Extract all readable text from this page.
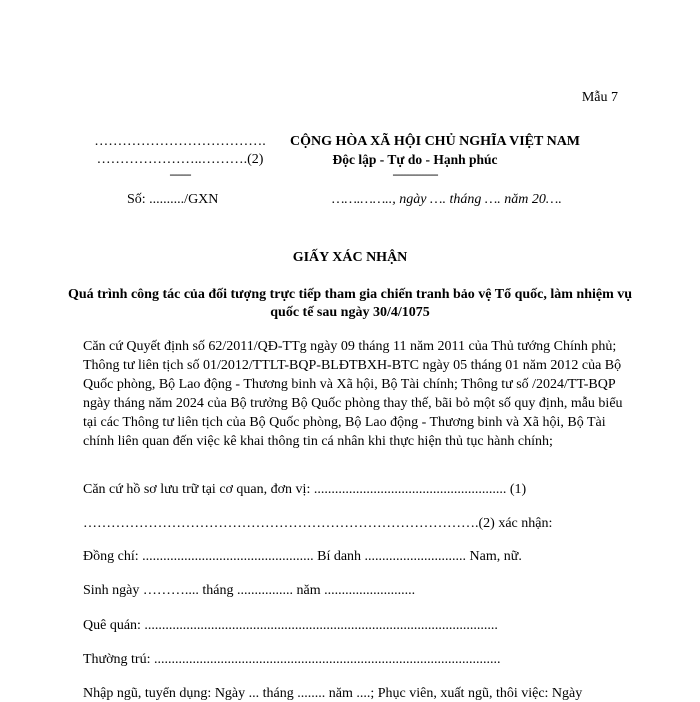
Mẫu 7
……………………………….
…………………..……….(2)
-------
CỘNG HÒA XÃ HỘI CHỦ NGHĨA VIỆT NAM
Độc lập - Tự do - Hạnh phúc
---------------
Số: ........../GXN	…….…….., ngày …. tháng …. năm 20….
GIẤY XÁC NHẬN
Quá trình công tác của đối tượng trực tiếp tham gia chiến tranh bảo vệ Tổ quốc, làm nhiệm vụ quốc tế sau ngày 30/4/1075
Căn cứ Quyết định số 62/2011/QĐ-TTg ngày 09 tháng 11 năm 2011 của Thủ tướng Chính phủ; Thông tư liên tịch số 01/2012/TTLT-BQP-BLĐTBXH-BTC ngày 05 tháng 01 năm 2012 của Bộ Quốc phòng, Bộ Lao động - Thương binh và Xã hội, Bộ Tài chính; Thông tư số /2024/TT-BQP ngày tháng năm 2024 của Bộ trưởng Bộ Quốc phòng thay thế, bãi bỏ một số quy định, mẫu biểu tại các Thông tư liên tịch của Bộ Quốc phòng, Bộ Lao động - Thương binh và Xã hội, Bộ Tài chính liên quan đến việc kê khai thông tin cá nhân khi thực hiện thủ tục hành chính;
Căn cứ hồ sơ lưu trữ tại cơ quan, đơn vị: ....................................................... (1)
………………………………………………………………………….(2) xác nhận:
Đồng chí: ................................................. Bí danh ............................. Nam, nữ.
Sinh ngày ……….... tháng ................ năm ..........................
Quê quán: .....................................................................................................
Thường trú: ...................................................................................................
Nhập ngũ, tuyển dụng: Ngày ... tháng ........ năm ....; Phục viên, xuất ngũ, thôi việc: Ngày
